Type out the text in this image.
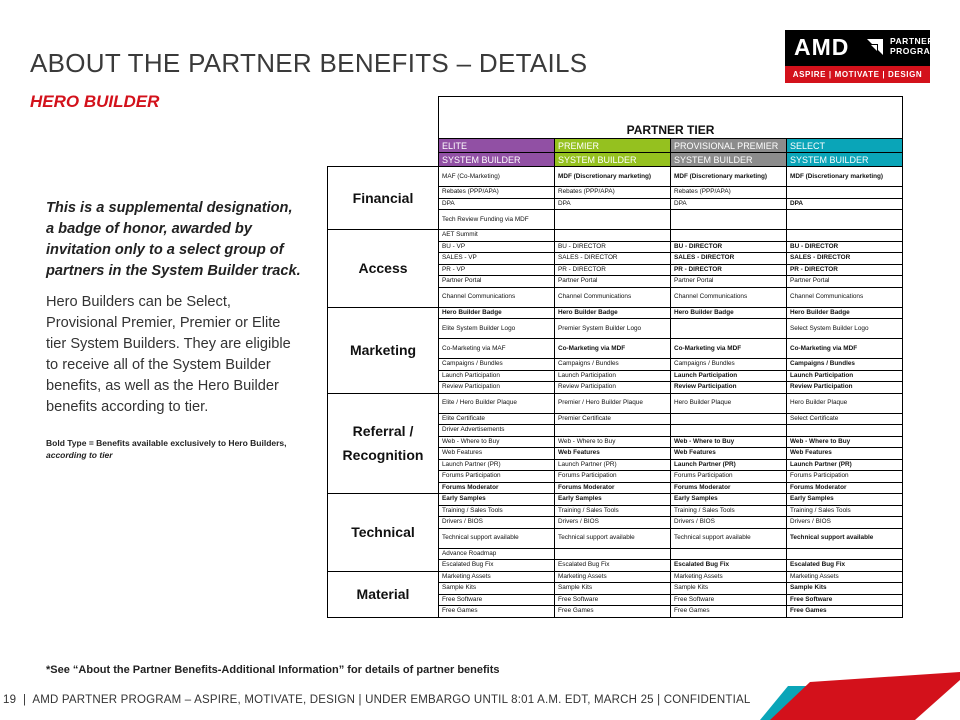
ABOUT THE PARTNER BENEFITS – DETAILS
HERO BUILDER
AMD	PARTNER
PROGRAM
ASPIRE | MOTIVATE | DESIGN
This is a supplemental designation, a badge of honor, awarded by invitation only to a select group of partners in the System Builder track.
Hero Builders can be Select, Provisional Premier, Premier or Elite tier System Builders. They are eligible to receive all of the System Builder benefits, as well as the Hero Builder benefits according to tier.
Bold Type = Benefits available exclusively to Hero Builders, according to tier
	PARTNER TIER			
	ELITE	PREMIER	PROVISIONAL PREMIER	SELECT
	SYSTEM BUILDER	SYSTEM BUILDER	SYSTEM BUILDER	SYSTEM BUILDER
Financial	MAF (Co-Marketing)	MDF (Discretionary marketing)	MDF (Discretionary marketing)	MDF (Discretionary marketing)
	Rebates (PPP/APA)	Rebates (PPP/APA)	Rebates (PPP/APA)	
	DPA	DPA	DPA	DPA
	Tech Review Funding via MDF			
Access	AET Summit			
	BU - VP	BU - DIRECTOR	BU - DIRECTOR	BU - DIRECTOR
	SALES - VP	SALES - DIRECTOR	SALES - DIRECTOR	SALES - DIRECTOR
	PR - VP	PR - DIRECTOR	PR - DIRECTOR	PR - DIRECTOR
	Partner Portal	Partner Portal	Partner Portal	Partner Portal
	Channel Communications	Channel Communications	Channel Communications	Channel Communications
Marketing	Hero Builder Badge	Hero Builder Badge	Hero Builder Badge	Hero Builder Badge
	Elite System Builder Logo	Premier System Builder Logo		Select System Builder Logo
	Co-Marketing via MAF	Co-Marketing via MDF	Co-Marketing via MDF	Co-Marketing via MDF
	Campaigns / Bundles	Campaigns / Bundles	Campaigns / Bundles	Campaigns / Bundles
	Launch Participation	Launch Participation	Launch Participation	Launch Participation
	Review Participation	Review Participation	Review Participation	Review Participation
Referral / Recognition	Elite / Hero Builder Plaque	Premier / Hero Builder Plaque	Hero Builder Plaque	Hero Builder Plaque
	Elite Certificate	Premier Certificate		Select Certificate
	Driver Advertisements			
	Web - Where to Buy	Web - Where to Buy	Web - Where to Buy	Web - Where to Buy
	Web Features	Web Features	Web Features	Web Features
	Launch Partner (PR)	Launch Partner (PR)	Launch Partner (PR)	Launch Partner (PR)
	Forums Participation	Forums Participation	Forums Participation	Forums Participation
	Forums Moderator	Forums Moderator	Forums Moderator	Forums Moderator
Technical	Early Samples	Early Samples	Early Samples	Early Samples
	Training / Sales Tools	Training / Sales Tools	Training / Sales Tools	Training / Sales Tools
	Drivers / BIOS	Drivers / BIOS	Drivers / BIOS	Drivers / BIOS
	Technical support available	Technical support available	Technical support available	Technical support available
	Advance Roadmap			
	Escalated Bug Fix	Escalated Bug Fix	Escalated Bug Fix	Escalated Bug Fix
Material	Marketing Assets	Marketing Assets	Marketing Assets	Marketing Assets
	Sample Kits	Sample Kits	Sample Kits	Sample Kits
	Free Software	Free Software	Free Software	Free Software
	Free Games	Free Games	Free Games	Free Games
*See “About the Partner Benefits-Additional Information” for details of partner benefits
19  |  AMD PARTNER PROGRAM – ASPIRE, MOTIVATE, DESIGN | UNDER EMBARGO UNTIL 8:01 A.M. EDT, MARCH 25 | CONFIDENTIAL
